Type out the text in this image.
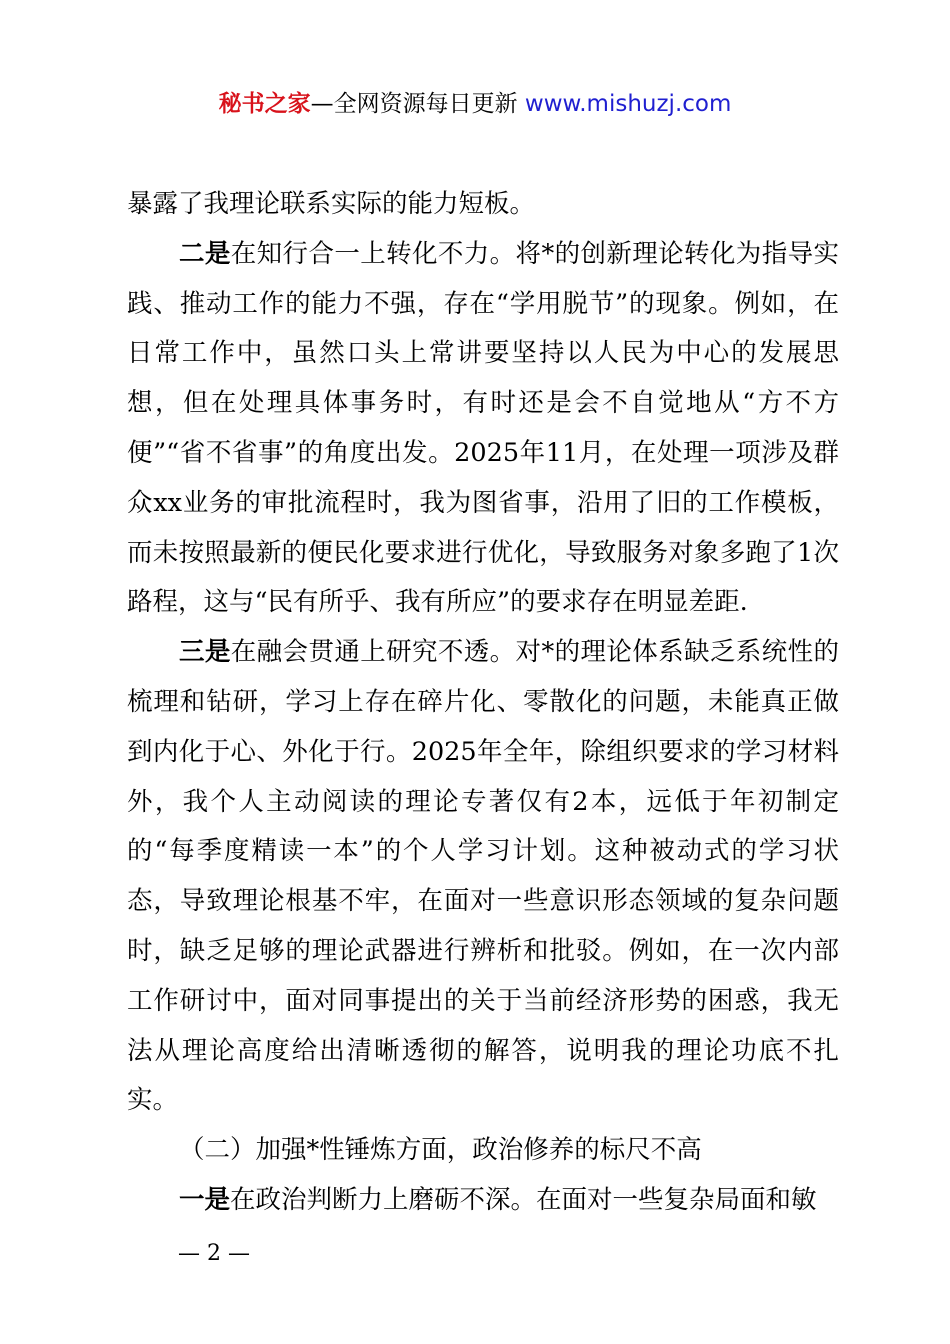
秘书之家—全网资源每日更新 www.mishuzj.com

暴露了我理论联系实际的能力短板。

二是在知行合一上转化不力。将*的创新理论转化为指导实践、推动工作的能力不强，存在“学用脱节”的现象。例如，在日常工作中，虽然口头上常讲要坚持以人民为中心的发展思想，但在处理具体事务时，有时还是会不自觉地从“方不方便”“省不省事”的角度出发。2025年11月，在处理一项涉及群众xx业务的审批流程时，我为图省事，沿用了旧的工作模板，而未按照最新的便民化要求进行优化，导致服务对象多跑了1次路程，这与“民有所乎、我有所应”的要求存在明显差距.

三是在融会贯通上研究不透。对*的理论体系缺乏系统性的梳理和钻研，学习上存在碎片化、零散化的问题，未能真正做到内化于心、外化于行。2025年全年，除组织要求的学习材料外，我个人主动阅读的理论专著仅有2本，远低于年初制定的“每季度精读一本”的个人学习计划。这种被动式的学习状态，导致理论根基不牢，在面对一些意识形态领域的复杂问题时，缺乏足够的理论武器进行辨析和批驳。例如，在一次内部工作研讨中，面对同事提出的关于当前经济形势的困惑，我无法从理论高度给出清晰透彻的解答，说明我的理论功底不扎实。

（二）加强*性锤炼方面，政治修养的标尺不高

一是在政治判断力上磨砺不深。在面对一些复杂局面和敏

— 2 —
